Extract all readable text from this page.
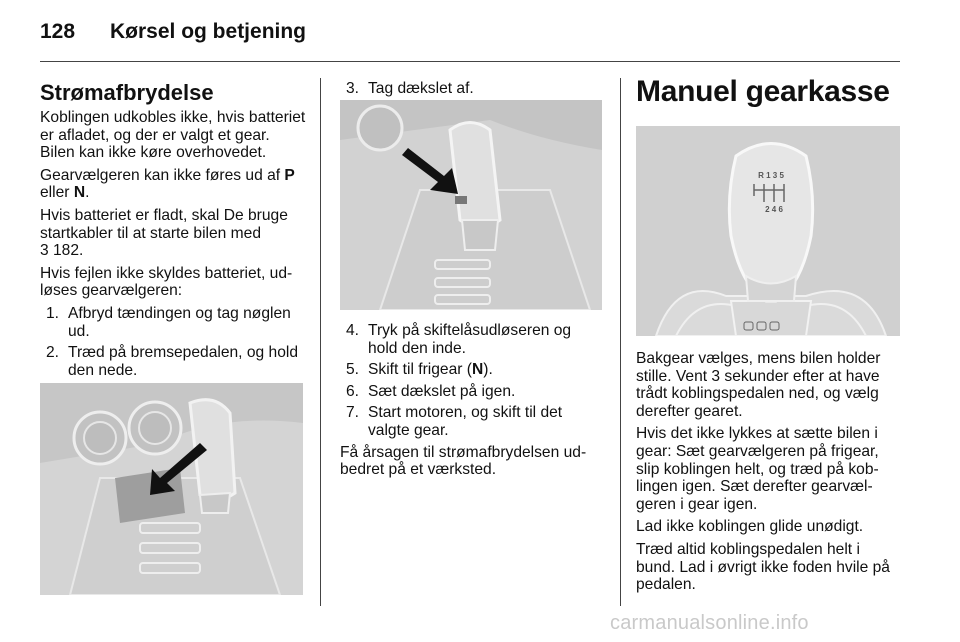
128 Kørsel og betjening
Strømafbrydelse

Koblingen udkobles ikke, hvis batteriet er afladet, og der er valgt et gear. Bilen kan ikke køre overhovedet.

Gearvælgeren kan ikke føres ud af P eller N.

Hvis batteriet er fladt, skal De bruge startkabler til at starte bilen med
3 182.

Hvis fejlen ikke skyldes batteriet, udløses gearvælgeren:

1. Afbryd tændingen og tag nøglen ud.
2. Træd på bremsepedalen, og hold den nede.
3. Tag dækslet af.
4. Tryk på skiftelåsudløseren og hold den inde.
5. Skift til frigear (N).
6. Sæt dækslet på igen.
7. Start motoren, og skift til det valgte gear.

Få årsagen til strømafbrydelsen udbedret på et værksted.

Manuel gearkasse
R 1 3 5
2 4 6

Bakgear vælges, mens bilen holder stille. Vent 3 sekunder efter at have trådt koblingspedalen ned, og vælg derefter gearet.

Hvis det ikke lykkes at sætte bilen i gear: Sæt gearvælgeren på frigear, slip koblingen helt, og træd på koblingen igen. Sæt derefter gearvælgeren i gear igen.

Lad ikke koblingen glide unødigt.

Træd altid koblingspedalen helt i bund. Lad i øvrigt ikke foden hvile på pedalen.

carmanualsonline.info
